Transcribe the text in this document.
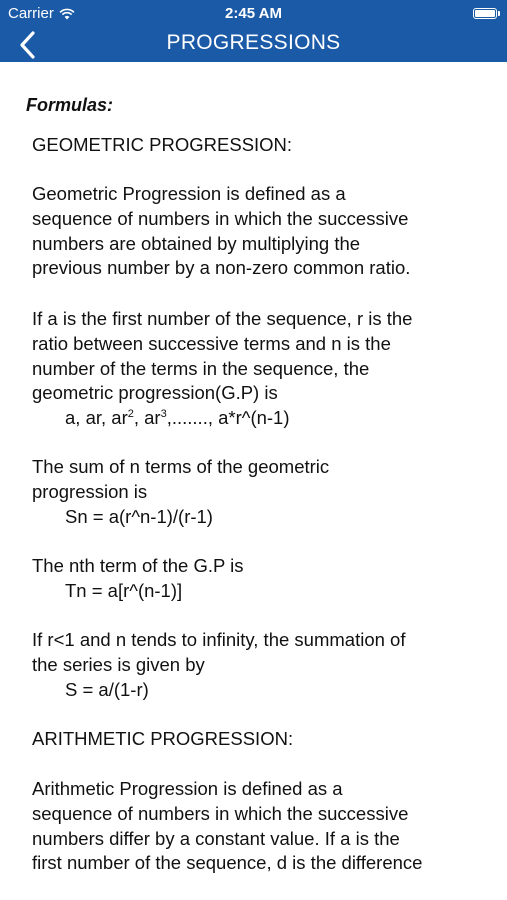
Carrier	2:45 AM
PROGRESSIONS

Formulas:

GEOMETRIC PROGRESSION:

Geometric Progression is defined as a
sequence of numbers in which the successive
numbers are obtained by multiplying the
previous number by a non-zero common ratio.

If a is the first number of the sequence, r is the
ratio between successive terms and n is the
number of the terms in the sequence, the
geometric progression(G.P) is

a, ar, $ar^2$, $ar^3$,......., a*r^(n-1)

The sum of n terms of the geometric
progression is

Sn = a(r^n-1)/(r-1)

The nth term of the G.P is

Tn = a[r^(n-1)]

If r<1 and n tends to infinity, the summation of
the series is given by

S = a/(1-r)

ARITHMETIC PROGRESSION:

Arithmetic Progression is defined as a
sequence of numbers in which the successive
numbers differ by a constant value. If a is the
first number of the sequence, d is the difference
